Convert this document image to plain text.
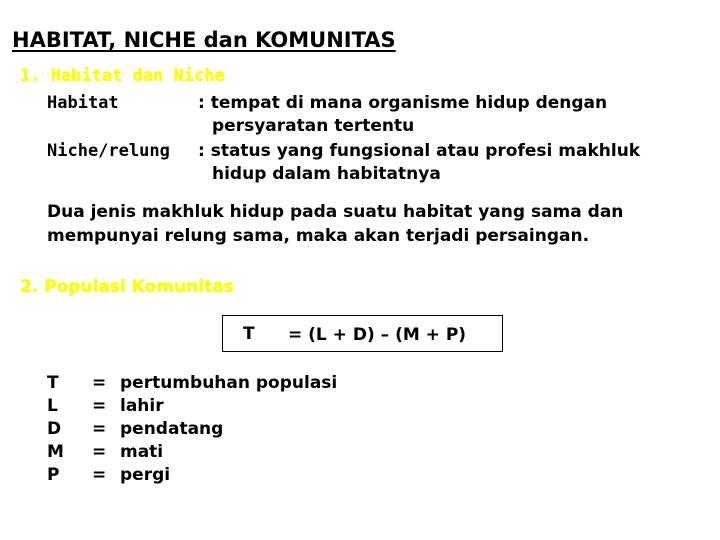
HABITAT, NICHE dan KOMUNITAS
1. Habitat dan Niche
Habitat	: tempat di mana organisme hidup dengan
persyaratan tertentu
Niche/relung : status yang fungsional atau profesi makhluk
hidup dalam habitatnya
Dua jenis makhluk hidup pada suatu habitat yang sama dan
mempunyai relung sama, maka akan terjadi persaingan.
2. Populasi Komunitas
T = (L + D) – (M + P)
T
L
D
M
P
=
=
=
=
=
pertumbuhan populasi
lahir
pendatang
mati
pergi
